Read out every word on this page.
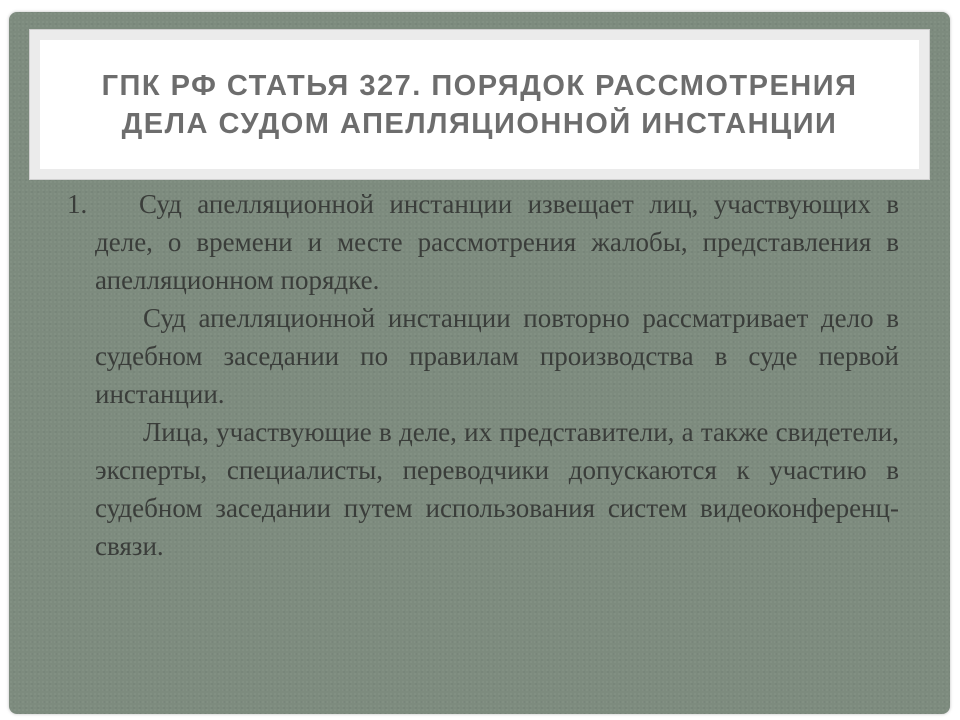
ГПК РФ СТАТЬЯ 327. ПОРЯДОК РАССМОТРЕНИЯ
ДЕЛА СУДОМ АПЕЛЛЯЦИОННОЙ ИНСТАНЦИИ

1. Суд апелляционной инстанции извещает лиц, участвующих в деле, о времени и месте рассмотрения жалобы, представления в апелляционном порядке.

Суд апелляционной инстанции повторно рассматривает дело в судебном заседании по правилам производства в суде первой инстанции.

Лица, участвующие в деле, их представители, а также свидетели, эксперты, специалисты, переводчики допускаются к участию в судебном заседании путем использования систем видеоконференц-связи.
